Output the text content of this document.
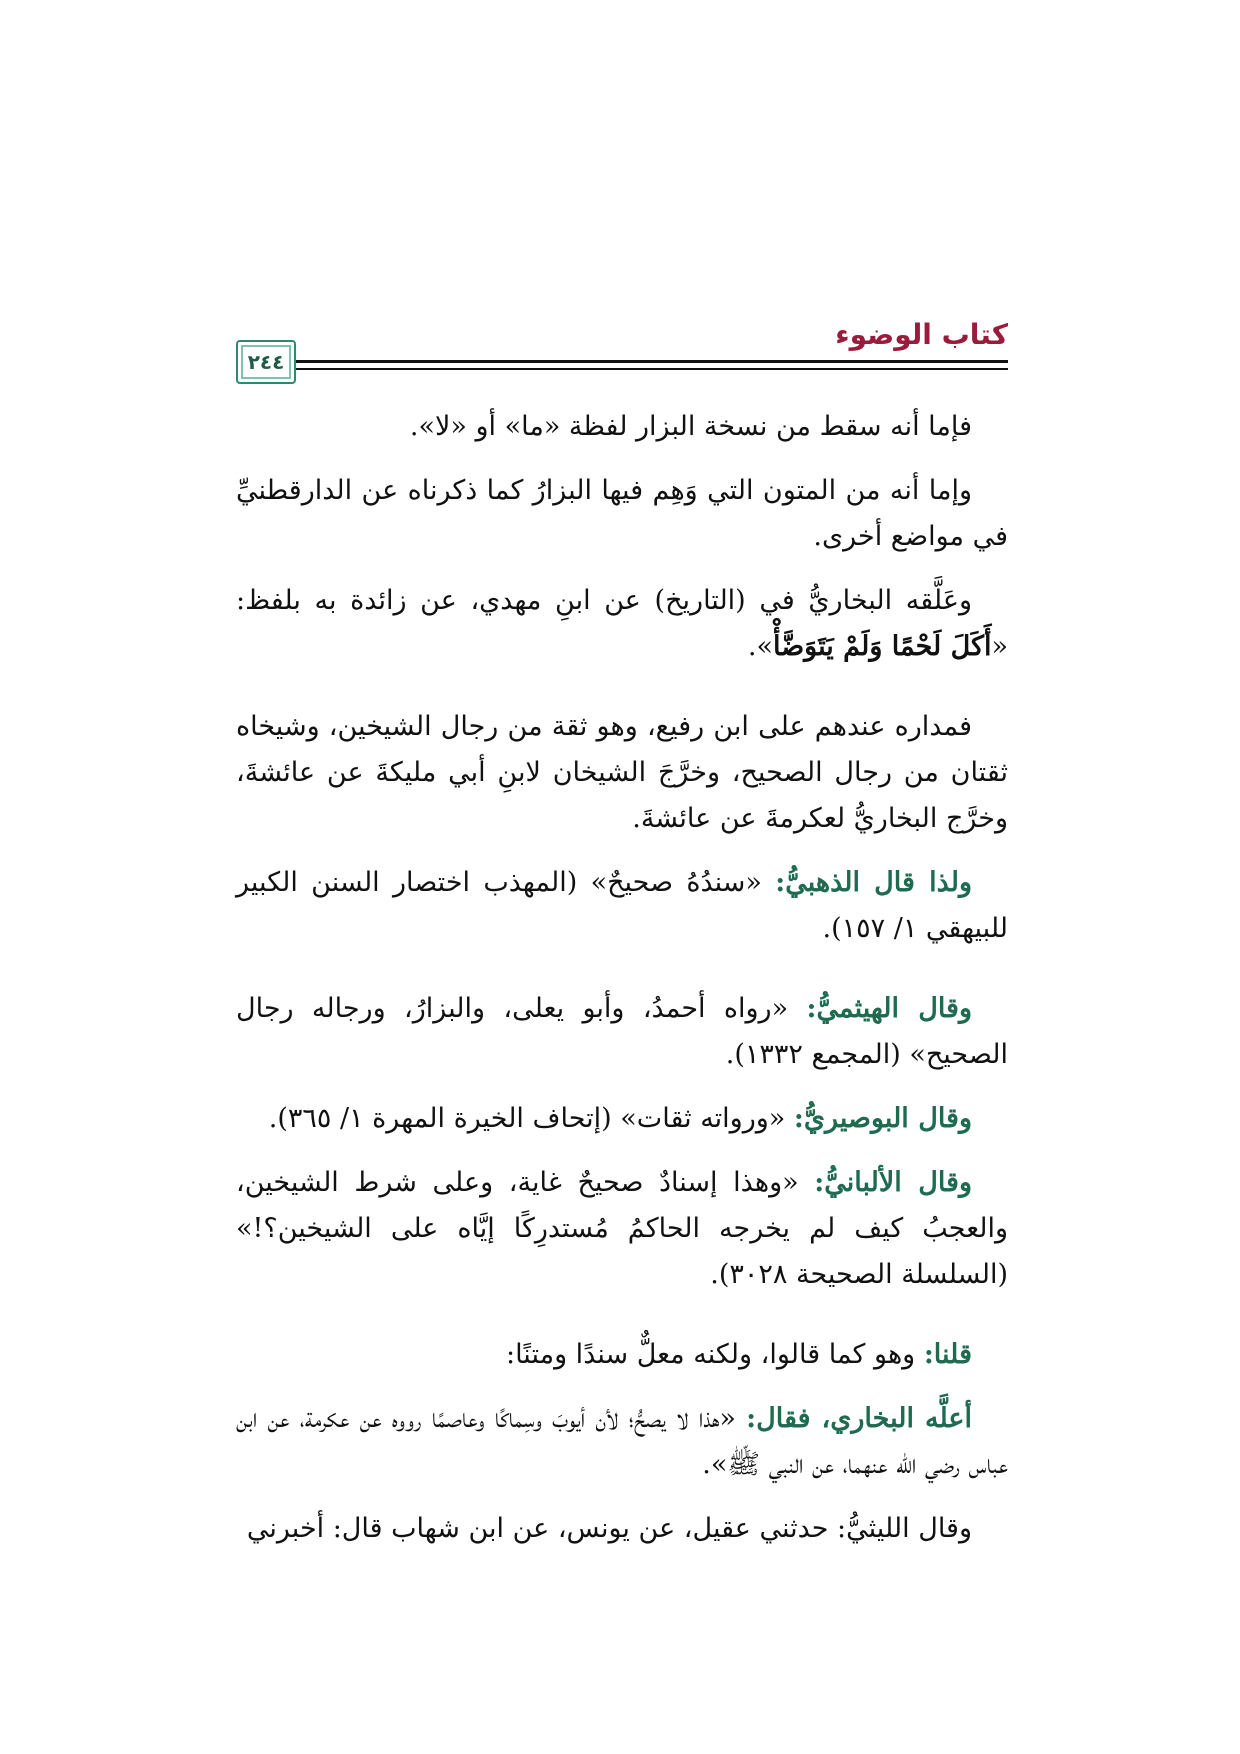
كتاب الوضوء
٢٤٤

فإما أنه سقط من نسخة البزار لفظة «ما» أو «لا».

وإما أنه من المتون التي وَهِم فيها البزارُ كما ذكرناه عن الدارقطنيِّ في مواضع أخرى.

وعَلَّقه البخاريُّ في (التاريخ) عن ابنِ مهدي، عن زائدة به بلفظ: «أَكَلَ لَحْمًا وَلَمْ يَتَوَضَّأْ».

فمداره عندهم على ابن رفيع، وهو ثقة من رجال الشيخين، وشيخاه ثقتان من رجال الصحيح، وخرَّجَ الشيخان لابنِ أبي مليكةَ عن عائشةَ، وخرَّج البخاريُّ لعكرمةَ عن عائشةَ.

ولذا قال الذهبيُّ: «سندُهُ صحيحٌ» (المهذب اختصار السنن الكبير للبيهقي ١/ ١٥٧).

وقال الهيثميُّ: «رواه أحمدُ، وأبو يعلى، والبزارُ، ورجاله رجال الصحيح» (المجمع ١٣٣٢).

وقال البوصيريُّ: «ورواته ثقات» (إتحاف الخيرة المهرة ١/ ٣٦٥).

وقال الألبانيُّ: «وهذا إسنادٌ صحيحٌ غاية، وعلى شرط الشيخين، والعجبُ كيف لم يخرجه الحاكمُ مُستدرِكًا إيَّاه على الشيخين؟!» (السلسلة الصحيحة ٣٠٢٨).

قلنا: وهو كما قالوا، ولكنه معلٌّ سندًا ومتنًا:

أعلَّه البخاري، فقال: «هذا لا يصحُّ؛ لأن أيوبَ وسِماكًا وعاصمًا رووه عن عكرمة، عن ابن عباس رضي الله عنهما، عن النبي ﷺ».

وقال الليثيُّ: حدثني عقيل، عن يونس، عن ابن شهاب قال: أخبرني
